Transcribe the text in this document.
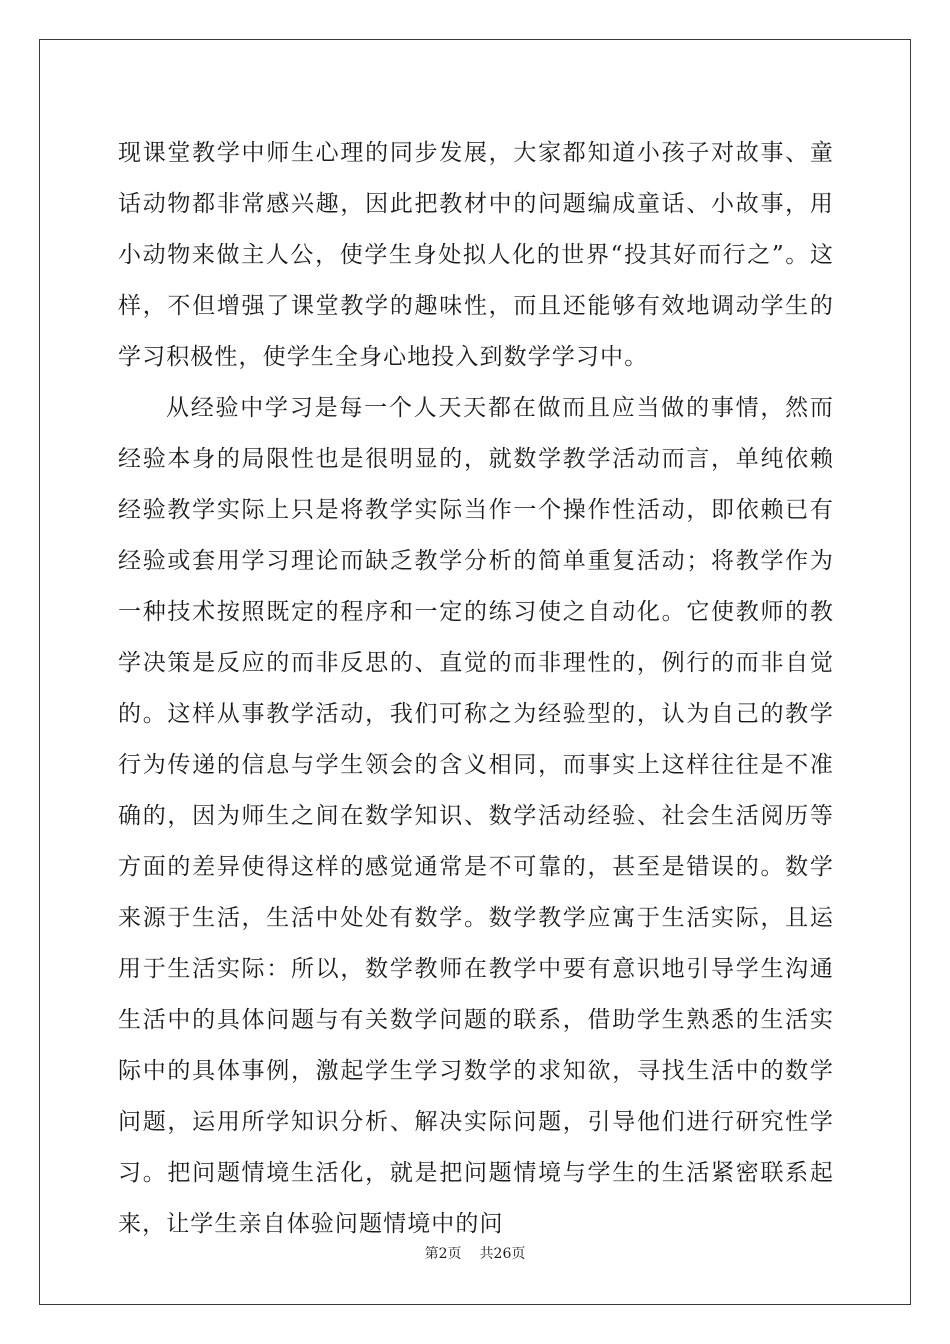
现课堂教学中师生心理的同步发展，大家都知道小孩子对故事、童话动物都非常感兴趣，因此把教材中的问题编成童话、小故事，用小动物来做主人公，使学生身处拟人化的世界“投其好而行之”。这样，不但增强了课堂教学的趣味性，而且还能够有效地调动学生的学习积极性，使学生全身心地投入到数学学习中。

从经验中学习是每一个人天天都在做而且应当做的事情，然而经验本身的局限性也是很明显的，就数学教学活动而言，单纯依赖经验教学实际上只是将教学实际当作一个操作性活动，即依赖已有经验或套用学习理论而缺乏教学分析的简单重复活动；将教学作为一种技术按照既定的程序和一定的练习使之自动化。它使教师的教学决策是反应的而非反思的、直觉的而非理性的，例行的而非自觉的。这样从事教学活动，我们可称之为经验型的，认为自己的教学行为传递的信息与学生领会的含义相同，而事实上这样往往是不准确的，因为师生之间在数学知识、数学活动经验、社会生活阅历等方面的差异使得这样的感觉通常是不可靠的，甚至是错误的。数学来源于生活，生活中处处有数学。数学教学应寓于生活实际，且运用于生活实际：所以，数学教师在教学中要有意识地引导学生沟通生活中的具体问题与有关数学问题的联系，借助学生熟悉的生活实际中的具体事例，激起学生学习数学的求知欲，寻找生活中的数学问题，运用所学知识分析、解决实际问题，引导他们进行研究性学习。把问题情境生活化，就是把问题情境与学生的生活紧密联系起来，让学生亲自体验问题情境中的问

第2页 共26页
